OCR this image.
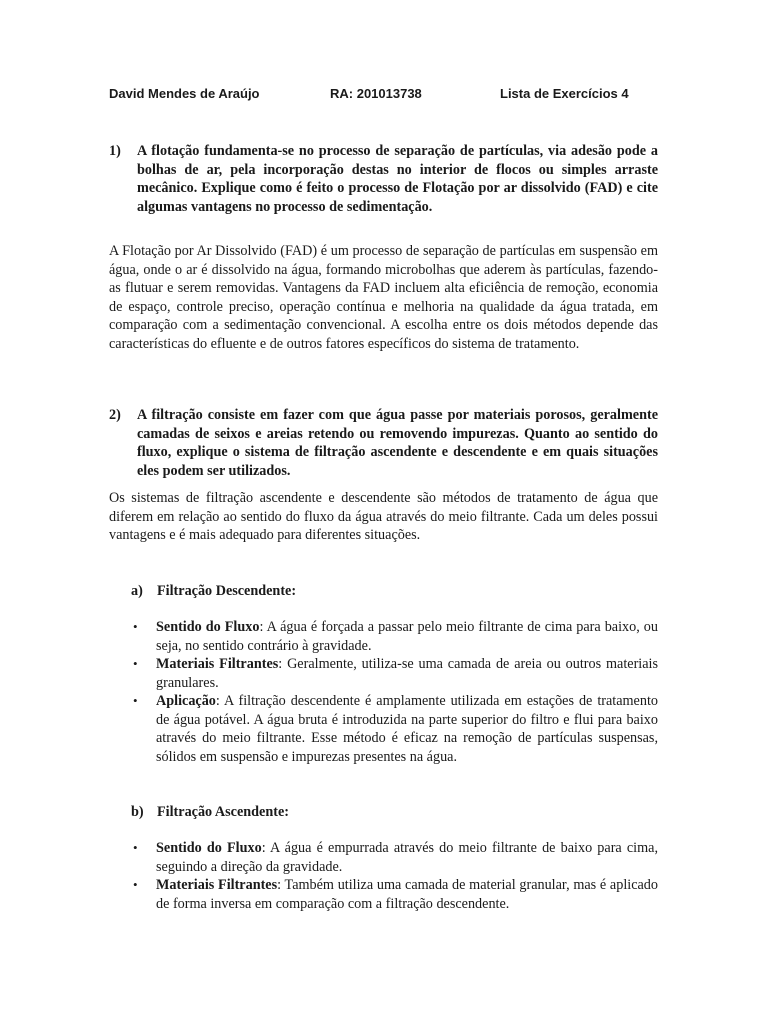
David Mendes de Araújo	RA: 201013738	Lista de Exercícios 4
1) A flotação fundamenta-se no processo de separação de partículas, via adesão pode a bolhas de ar, pela incorporação destas no interior de flocos ou simples arraste mecânico. Explique como é feito o processo de Flotação por ar dissolvido (FAD) e cite algumas vantagens no processo de sedimentação.
A Flotação por Ar Dissolvido (FAD) é um processo de separação de partículas em suspensão em água, onde o ar é dissolvido na água, formando microbolhas que aderem às partículas, fazendo-as flutuar e serem removidas. Vantagens da FAD incluem alta eficiência de remoção, economia de espaço, controle preciso, operação contínua e melhoria na qualidade da água tratada, em comparação com a sedimentação convencional. A escolha entre os dois métodos depende das características do efluente e de outros fatores específicos do sistema de tratamento.
2) A filtração consiste em fazer com que água passe por materiais porosos, geralmente camadas de seixos e areias retendo ou removendo impurezas. Quanto ao sentido do fluxo, explique o sistema de filtração ascendente e descendente e em quais situações eles podem ser utilizados.
Os sistemas de filtração ascendente e descendente são métodos de tratamento de água que diferem em relação ao sentido do fluxo da água através do meio filtrante. Cada um deles possui vantagens e é mais adequado para diferentes situações.
a) Filtração Descendente:
• Sentido do Fluxo: A água é forçada a passar pelo meio filtrante de cima para baixo, ou seja, no sentido contrário à gravidade.
• Materiais Filtrantes: Geralmente, utiliza-se uma camada de areia ou outros materiais granulares.
• Aplicação: A filtração descendente é amplamente utilizada em estações de tratamento de água potável. A água bruta é introduzida na parte superior do filtro e flui para baixo através do meio filtrante. Esse método é eficaz na remoção de partículas suspensas, sólidos em suspensão e impurezas presentes na água.
b) Filtração Ascendente:
• Sentido do Fluxo: A água é empurrada através do meio filtrante de baixo para cima, seguindo a direção da gravidade.
• Materiais Filtrantes: Também utiliza uma camada de material granular, mas é aplicado de forma inversa em comparação com a filtração descendente.
